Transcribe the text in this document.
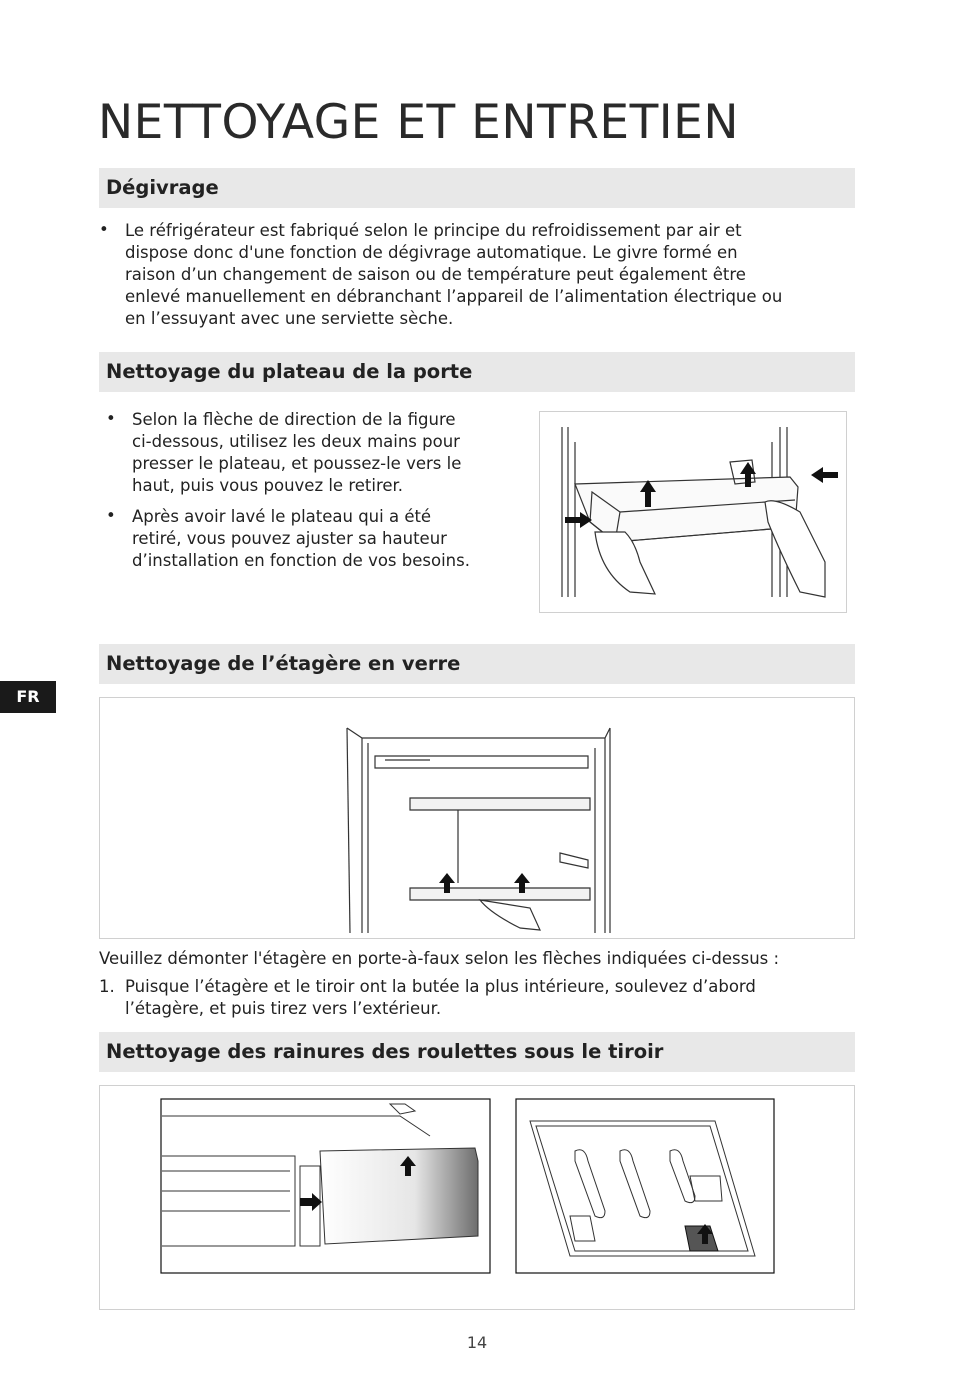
NETTOYAGE ET ENTRETIEN
Dégivrage
• Le réfrigérateur est fabriqué selon le principe du refroidissement par air et
dispose donc d'une fonction de dégivrage automatique. Le givre formé en
raison d’un changement de saison ou de température peut également être
enlevé manuellement en débranchant l’appareil de l’alimentation électrique ou
en l’essuyant avec une serviette sèche.
Nettoyage du plateau de la porte
• Selon la flèche de direction de la figure
ci-dessous, utilisez les deux mains pour
presser le plateau, et poussez-le vers le
haut, puis vous pouvez le retirer.
• Après avoir lavé le plateau qui a été
retiré, vous pouvez ajuster sa hauteur
d’installation en fonction de vos besoins.
Nettoyage de l’étagère en verre
FR
Veuillez démonter l'étagère en porte-à-faux selon les flèches indiquées ci-dessus :
1. Puisque l’étagère et le tiroir ont la butée la plus intérieure, soulevez d’abord
l’étagère, et puis tirez vers l’extérieur.
Nettoyage des rainures des roulettes sous le tiroir
14
